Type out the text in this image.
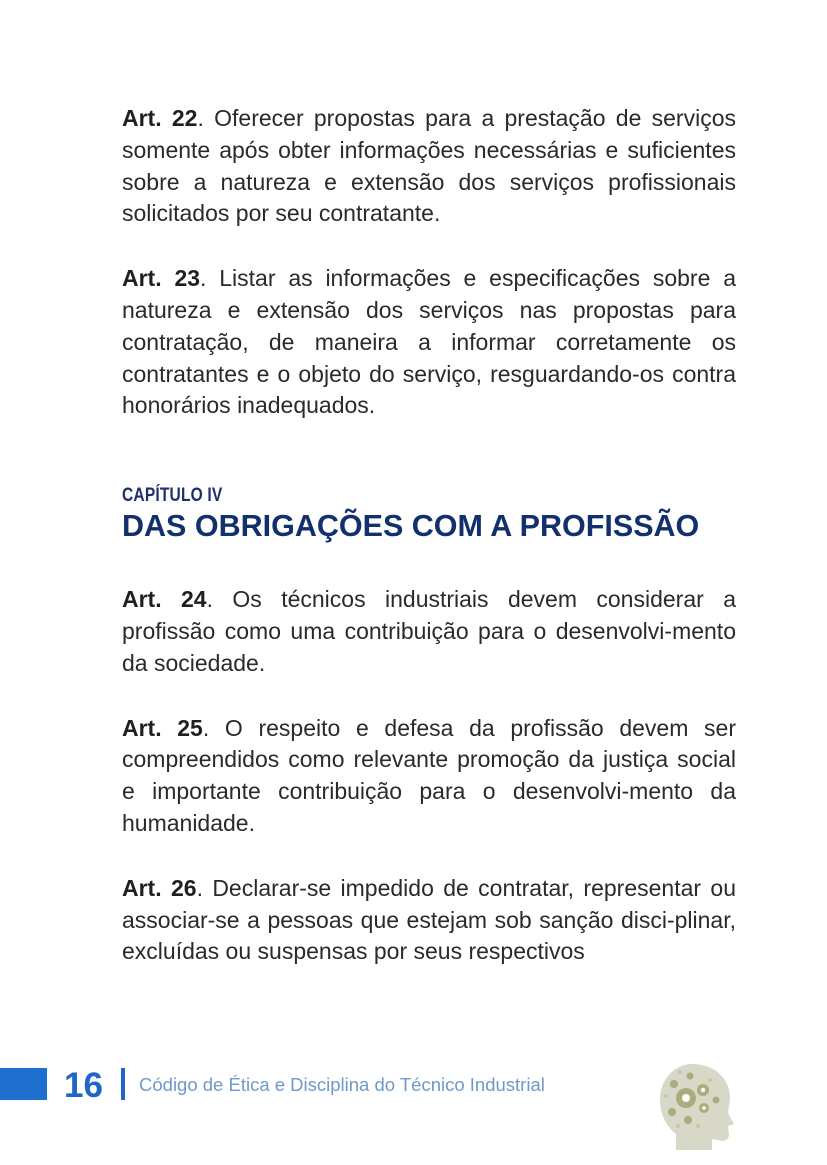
Art. 22. Oferecer propostas para a prestação de serviços somente após obter informações necessárias e suficientes sobre a natureza e extensão dos serviços profissionais solicitados por seu contratante.

Art. 23. Listar as informações e especificações sobre a natureza e extensão dos serviços nas propostas para contratação, de maneira a informar corretamente os contratantes e o objeto do serviço, resguardando-os contra honorários inadequados.

CAPÍTULO IV
DAS OBRIGAÇÕES COM A PROFISSÃO

Art. 24. Os técnicos industriais devem considerar a profissão como uma contribuição para o desenvolvi-mento da sociedade.

Art. 25. O respeito e defesa da profissão devem ser compreendidos como relevante promoção da justiça social e importante contribuição para o desenvolvi-mento da humanidade.

Art. 26. Declarar-se impedido de contratar, representar ou associar-se a pessoas que estejam sob sanção disci-plinar, excluídas ou suspensas por seus respectivos

16 Código de Ética e Disciplina do Técnico Industrial
